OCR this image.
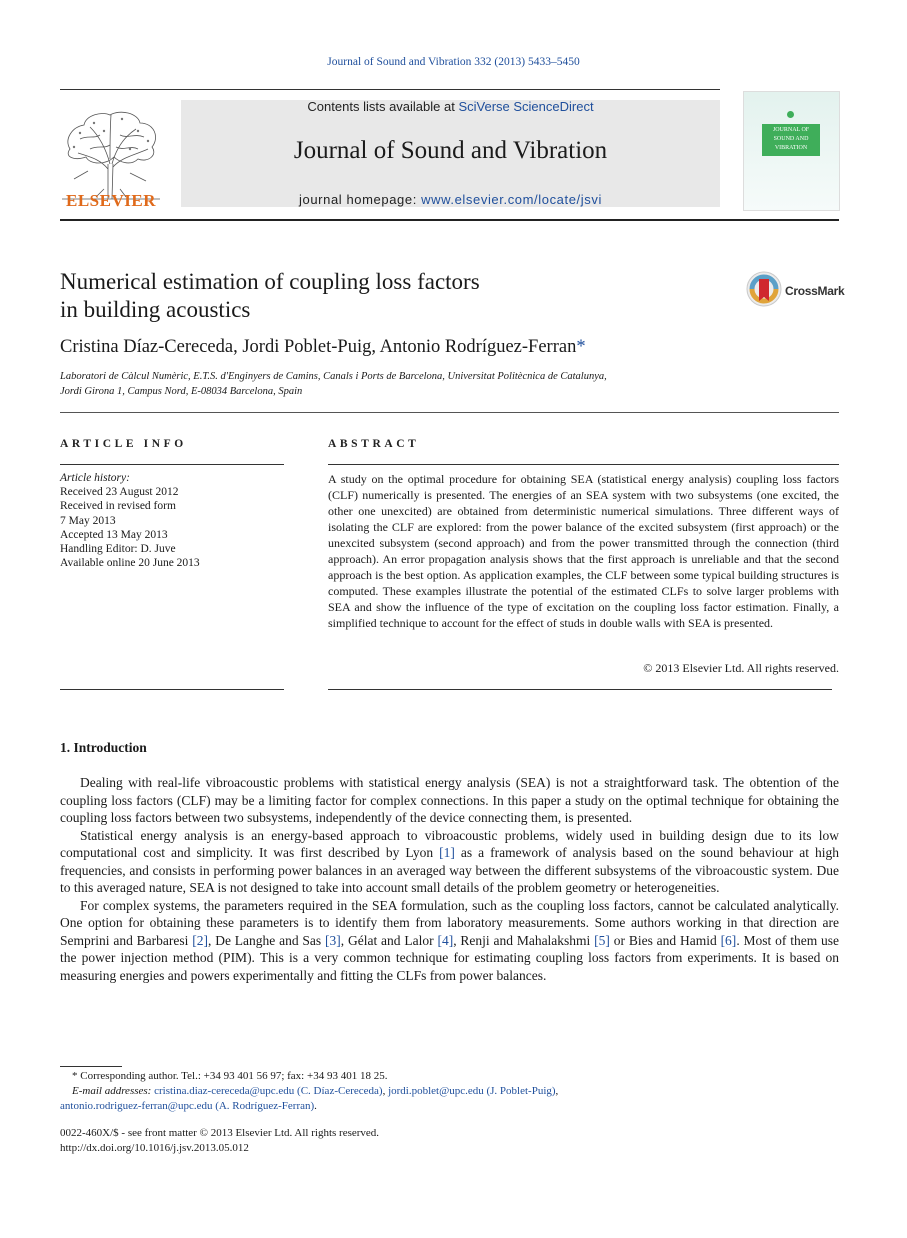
Journal of Sound and Vibration 332 (2013) 5433–5450
ELSEVIER
Contents lists available at SciVerse ScienceDirect
Journal of Sound and Vibration
journal homepage: www.elsevier.com/locate/jsvi
JOURNAL OF SOUND AND VIBRATION
Numerical estimation of coupling loss factors
in building acoustics
CrossMark
Cristina Díaz-Cereceda, Jordi Poblet-Puig, Antonio Rodríguez-Ferran*
Laboratori de Càlcul Numèric, E.T.S. d'Enginyers de Camins, Canals i Ports de Barcelona, Universitat Politècnica de Catalunya,
Jordi Girona 1, Campus Nord, E-08034 Barcelona, Spain
ARTICLE INFO
Article history:
Received 23 August 2012
Received in revised form
7 May 2013
Accepted 13 May 2013
Handling Editor: D. Juve
Available online 20 June 2013
ABSTRACT
A study on the optimal procedure for obtaining SEA (statistical energy analysis) coupling loss factors (CLF) numerically is presented. The energies of an SEA system with two subsystems (one excited, the other one unexcited) are obtained from deterministic numerical simulations. Three different ways of isolating the CLF are explored: from the power balance of the excited subsystem (first approach) or the unexcited subsystem (second approach) and from the power transmitted through the connection (third approach). An error propagation analysis shows that the first approach is unreliable and that the second approach is the best option. As application examples, the CLF between some typical building structures is computed. These examples illustrate the potential of the estimated CLFs to solve larger problems with SEA and show the influence of the type of excitation on the coupling loss factor estimation. Finally, a simplified technique to account for the effect of studs in double walls with SEA is presented.
© 2013 Elsevier Ltd. All rights reserved.
1. Introduction

Dealing with real-life vibroacoustic problems with statistical energy analysis (SEA) is not a straightforward task. The obtention of the coupling loss factors (CLF) may be a limiting factor for complex connections. In this paper a study on the optimal technique for obtaining the coupling loss factors between two subsystems, independently of the device connecting them, is presented.

Statistical energy analysis is an energy-based approach to vibroacoustic problems, widely used in building design due to its low computational cost and simplicity. It was first described by Lyon [1] as a framework of analysis based on the sound behaviour at high frequencies, and consists in performing power balances in an averaged way between the different subsystems of the vibroacoustic system. Due to this averaged nature, SEA is not designed to take into account small details of the problem geometry or heterogeneities.

For complex systems, the parameters required in the SEA formulation, such as the coupling loss factors, cannot be calculated analytically. One option for obtaining these parameters is to identify them from laboratory measurements. Some authors working in that direction are Semprini and Barbaresi [2], De Langhe and Sas [3], Gélat and Lalor [4], Renji and Mahalakshmi [5] or Bies and Hamid [6]. Most of them use the power injection method (PIM). This is a very common technique for estimating coupling loss factors from experiments. It is based on measuring energies and powers experimentally and fitting the CLFs from power balances.

* Corresponding author. Tel.: +34 93 401 56 97; fax: +34 93 401 18 25.
E-mail addresses: cristina.diaz-cereceda@upc.edu (C. Díaz-Cereceda), jordi.poblet@upc.edu (J. Poblet-Puig),
antonio.rodriguez-ferran@upc.edu (A. Rodríguez-Ferran).
0022-460X/$ - see front matter © 2013 Elsevier Ltd. All rights reserved.
http://dx.doi.org/10.1016/j.jsv.2013.05.012
